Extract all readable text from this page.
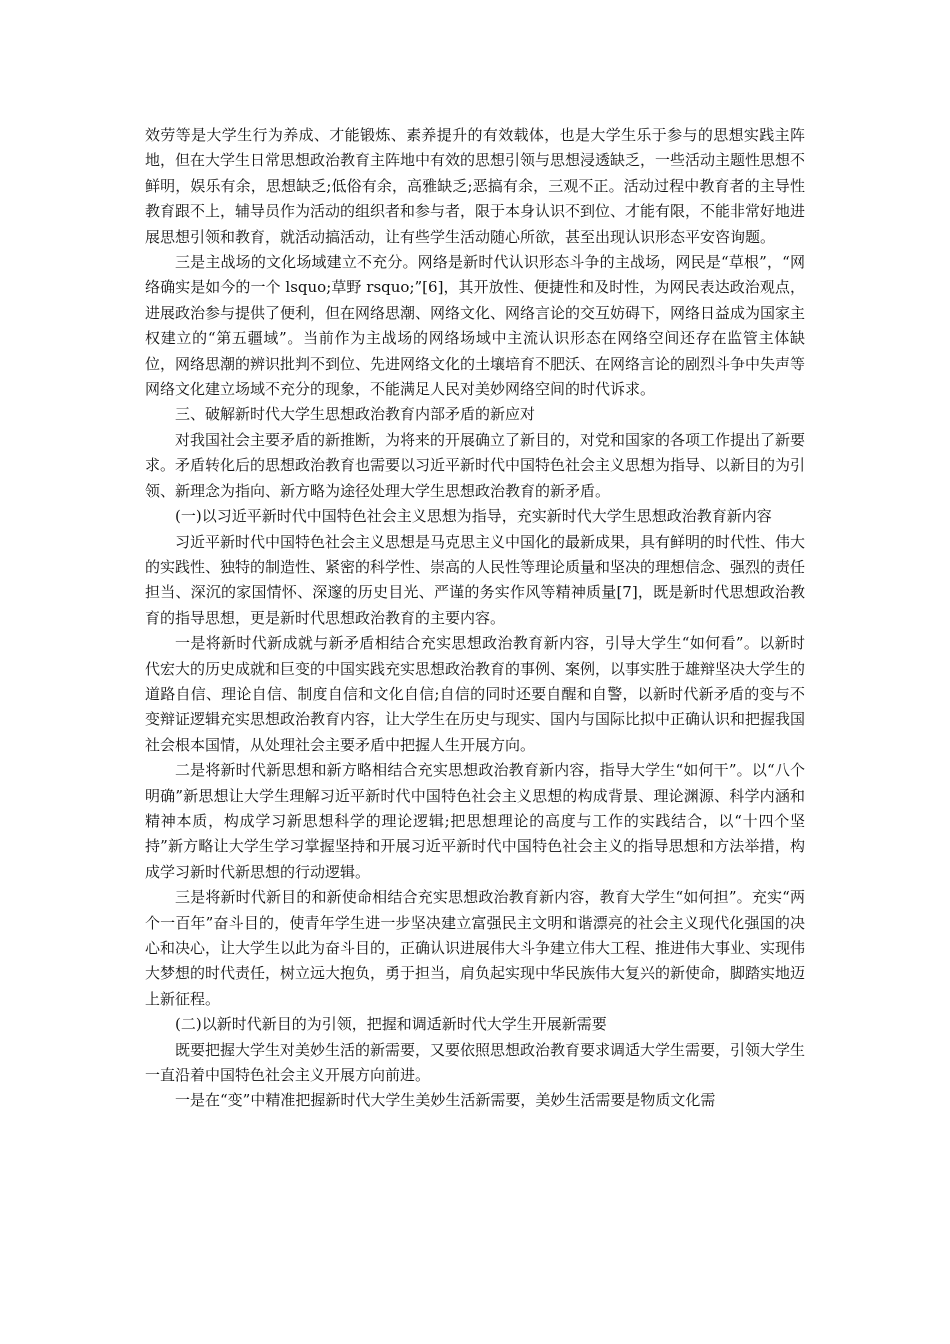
效劳等是大学生行为养成、才能锻炼、素养提升的有效载体，也是大学生乐于参与的思想实践主阵地，但在大学生日常思想政治教育主阵地中有效的思想引领与思想浸透缺乏，一些活动主题性思想不鲜明，娱乐有余，思想缺乏;低俗有余，高雅缺乏;恶搞有余，三观不正。活动过程中教育者的主导性教育跟不上，辅导员作为活动的组织者和参与者，限于本身认识不到位、才能有限，不能非常好地进展思想引领和教育，就活动搞活动，让有些学生活动随心所欲，甚至出现认识形态平安咨询题。

三是主战场的文化场域建立不充分。网络是新时代认识形态斗争的主战场，网民是“草根”，“网络确实是如今的一个 lsquo;草野 rsquo;”[6]，其开放性、便捷性和及时性，为网民表达政治观点，进展政治参与提供了便利，但在网络思潮、网络文化、网络言论的交互妨碍下，网络日益成为国家主权建立的“第五疆域”。当前作为主战场的网络场域中主流认识形态在网络空间还存在监管主体缺位，网络思潮的辨识批判不到位、先进网络文化的土壤培育不肥沃、在网络言论的剧烈斗争中失声等网络文化建立场域不充分的现象，不能满足人民对美妙网络空间的时代诉求。

三、破解新时代大学生思想政治教育内部矛盾的新应对

对我国社会主要矛盾的新推断，为将来的开展确立了新目的，对党和国家的各项工作提出了新要求。矛盾转化后的思想政治教育也需要以习近平新时代中国特色社会主义思想为指导、以新目的为引领、新理念为指向、新方略为途径处理大学生思想政治教育的新矛盾。

(一)以习近平新时代中国特色社会主义思想为指导，充实新时代大学生思想政治教育新内容

习近平新时代中国特色社会主义思想是马克思主义中国化的最新成果，具有鲜明的时代性、伟大的实践性、独特的制造性、紧密的科学性、崇高的人民性等理论质量和坚决的理想信念、强烈的责任担当、深沉的家国情怀、深邃的历史目光、严谨的务实作风等精神质量[7]，既是新时代思想政治教育的指导思想，更是新时代思想政治教育的主要内容。

一是将新时代新成就与新矛盾相结合充实思想政治教育新内容，引导大学生“如何看”。以新时代宏大的历史成就和巨变的中国实践充实思想政治教育的事例、案例，以事实胜于雄辩坚决大学生的道路自信、理论自信、制度自信和文化自信;自信的同时还要自醒和自警，以新时代新矛盾的变与不变辩证逻辑充实思想政治教育内容，让大学生在历史与现实、国内与国际比拟中正确认识和把握我国社会根本国情，从处理社会主要矛盾中把握人生开展方向。

二是将新时代新思想和新方略相结合充实思想政治教育新内容，指导大学生“如何干”。以“八个明确”新思想让大学生理解习近平新时代中国特色社会主义思想的构成背景、理论渊源、科学内涵和精神本质，构成学习新思想科学的理论逻辑;把思想理论的高度与工作的实践结合，以“十四个坚持”新方略让大学生学习掌握坚持和开展习近平新时代中国特色社会主义的指导思想和方法举措，构成学习新时代新思想的行动逻辑。

三是将新时代新目的和新使命相结合充实思想政治教育新内容，教育大学生“如何担”。充实“两个一百年”奋斗目的，使青年学生进一步坚决建立富强民主文明和谐漂亮的社会主义现代化强国的决心和决心，让大学生以此为奋斗目的，正确认识进展伟大斗争建立伟大工程、推进伟大事业、实现伟大梦想的时代责任，树立远大抱负，勇于担当，肩负起实现中华民族伟大复兴的新使命，脚踏实地迈上新征程。

(二)以新时代新目的为引领，把握和调适新时代大学生开展新需要

既要把握大学生对美妙生活的新需要，又要依照思想政治教育要求调适大学生需要，引领大学生一直沿着中国特色社会主义开展方向前进。

一是在“变”中精准把握新时代大学生美妙生活新需要，美妙生活需要是物质文化需
